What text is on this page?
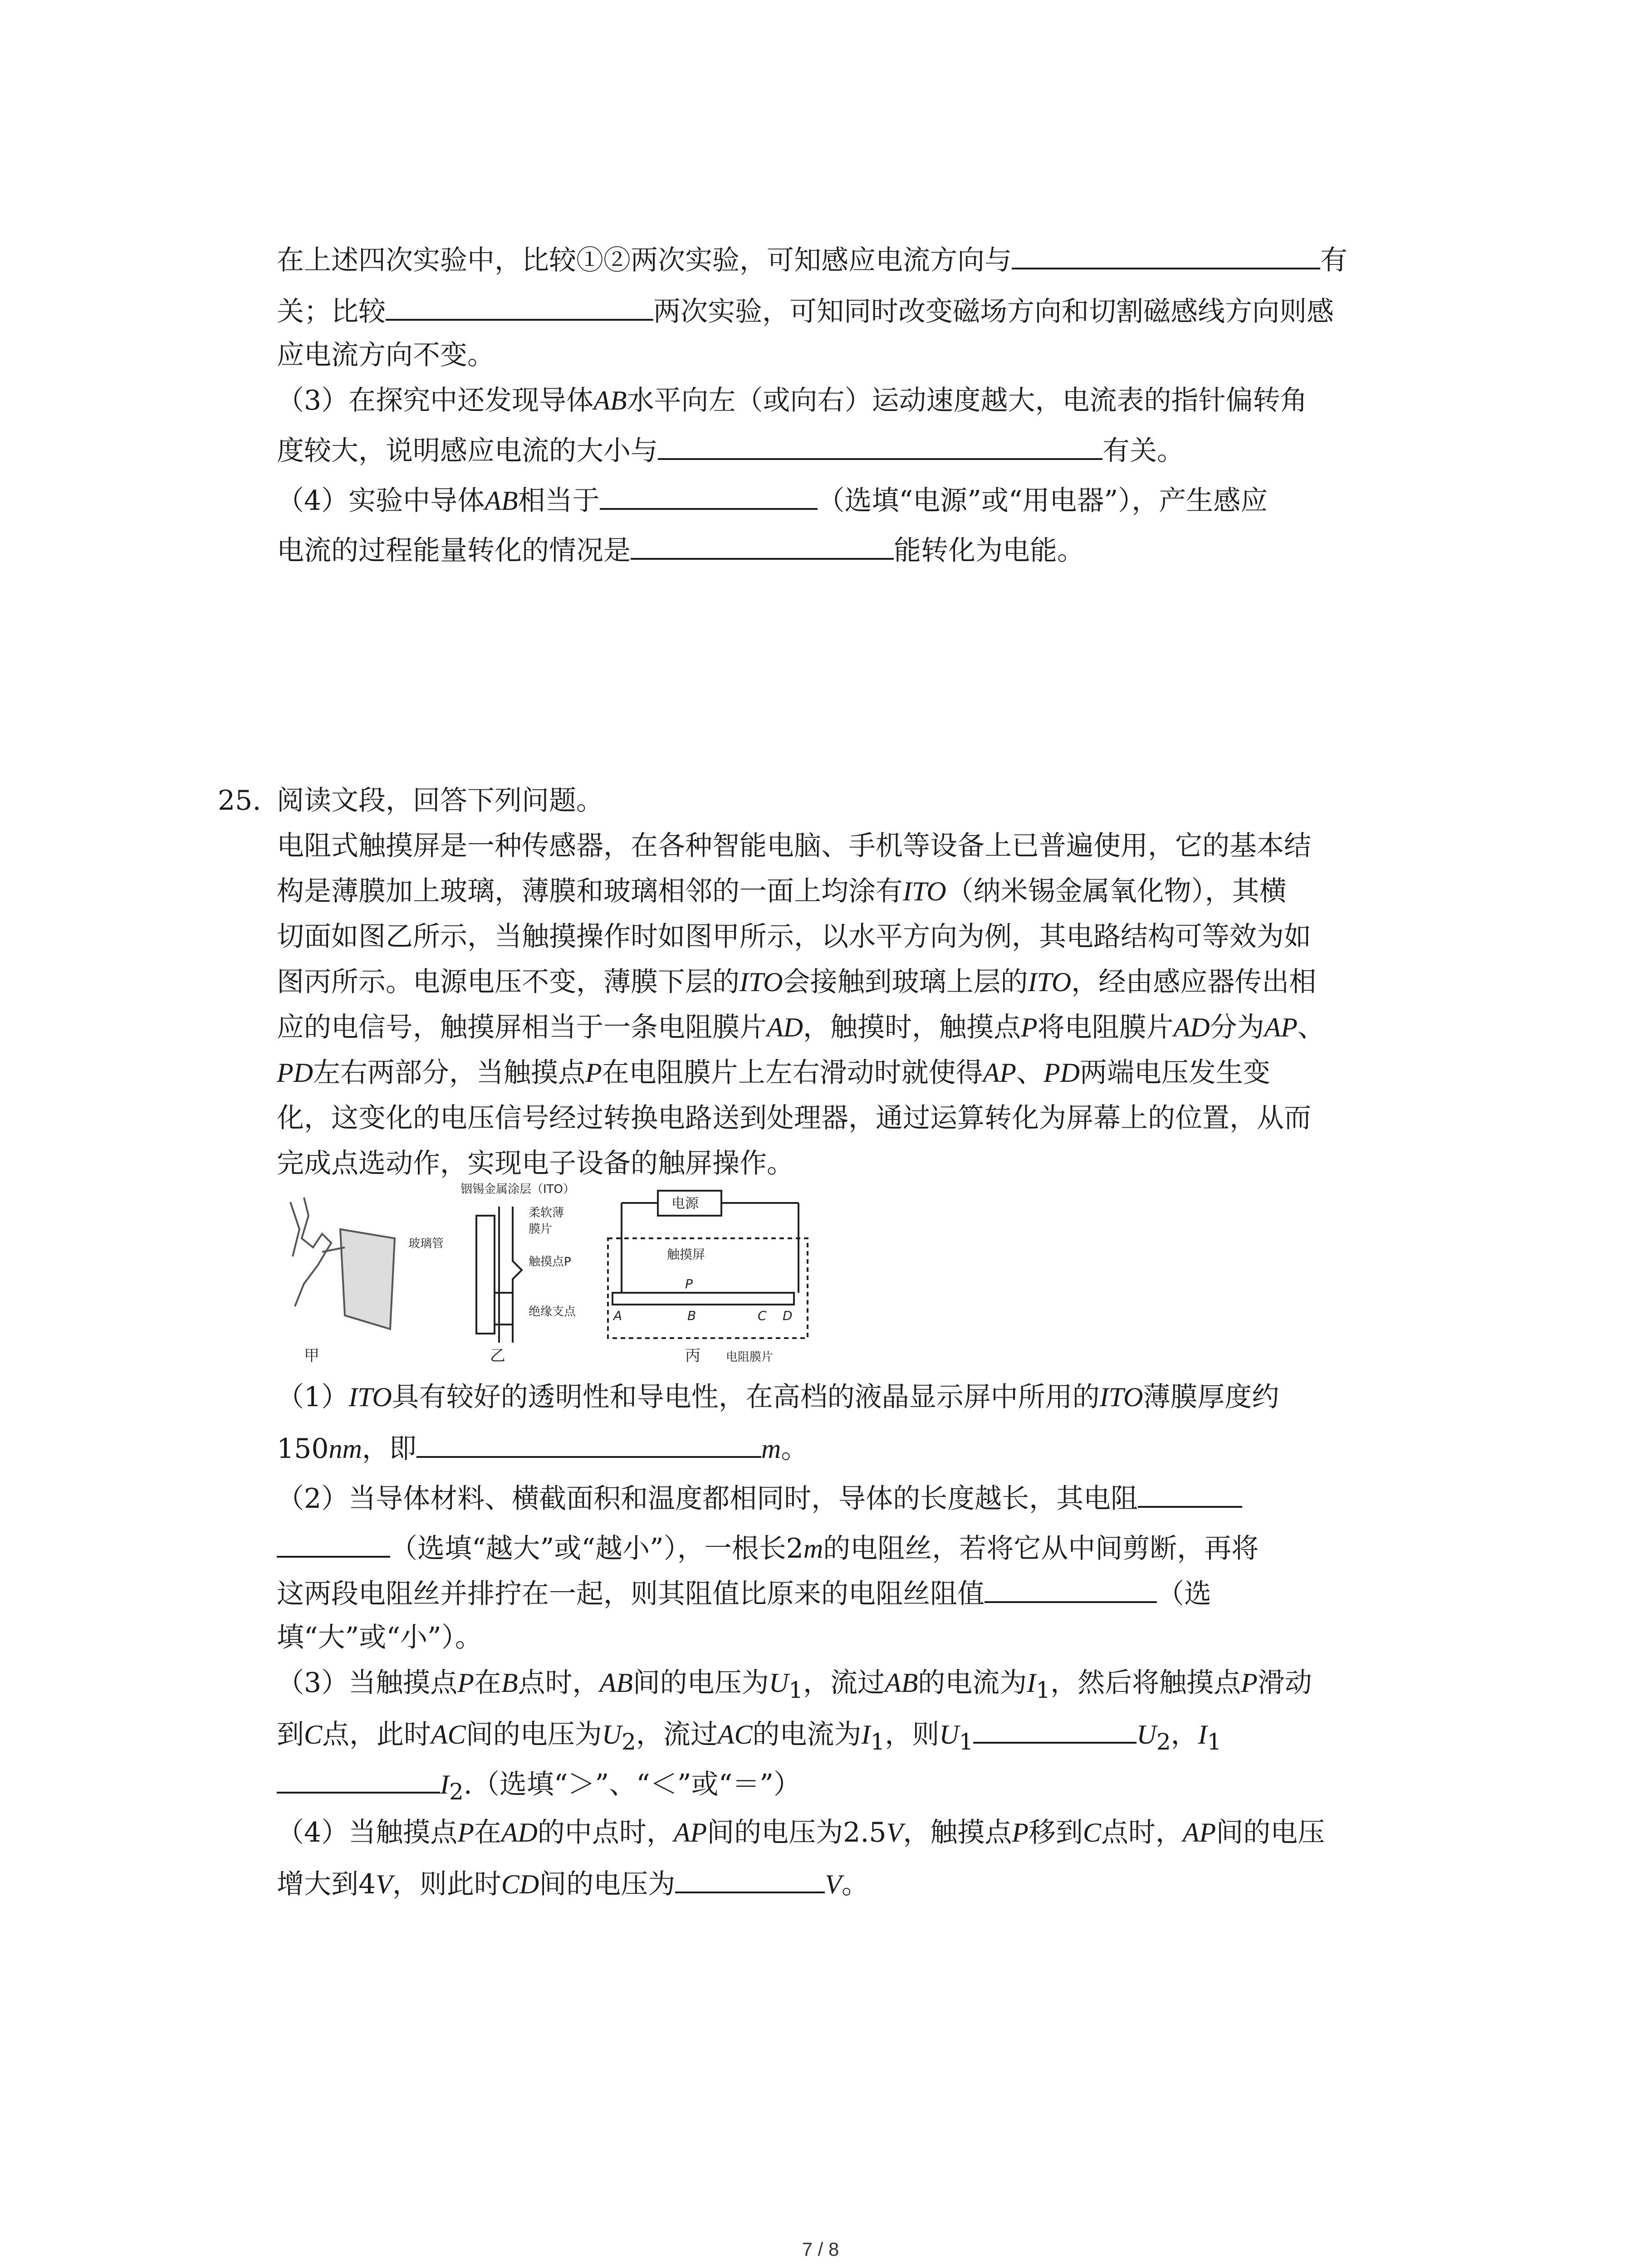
在上述四次实验中，比较①②两次实验，可知感应电流方向与	有
关；比较	两次实验，可知同时改变磁场方向和切割磁感线方向则感
应电流方向不变。
（3）在探究中还发现导体AB水平向左（或向右）运动速度越大，电流表的指针偏转角
度较大，说明感应电流的大小与	有关。
（4）实验中导体AB相当于	（选填“电源”或“用电器”），产生感应
电流的过程能量转化的情况是	能转化为电能。
25. 阅读文段，回答下列问题。
电阻式触摸屏是一种传感器，在各种智能电脑、手机等设备上已普遍使用，它的基本结
构是薄膜加上玻璃，薄膜和玻璃相邻的一面上均涂有ITO（纳米锡金属氧化物），其横
切面如图乙所示，当触摸操作时如图甲所示，以水平方向为例，其电路结构可等效为如
图丙所示。电源电压不变，薄膜下层的ITO会接触到玻璃上层的ITO，经由感应器传出相
应的电信号，触摸屏相当于一条电阻膜片AD，触摸时，触摸点P将电阻膜片AD分为AP、
PD左右两部分，当触摸点P在电阻膜片上左右滑动时就使得AP、PD两端电压发生变
化，这变化的电压信号经过转换电路送到处理器，通过运算转化为屏幕上的位置，从而
完成点选动作，实现电子设备的触屏操作。
甲
铟锡金属涂层（ITO）
柔软薄
膜片
玻璃管
触摸点P
绝缘支点
乙
电源
触摸屏
P
A	B	C D
丙 电阻膜片
（1）ITO具有较好的透明性和导电性，在高档的液晶显示屏中所用的ITO薄膜厚度约
150nm，即	m。
（2）当导体材料、横截面积和温度都相同时，导体的长度越长，其电阻
（选填“越大”或“越小”），一根长2m的电阻丝，若将它从中间剪断，再将
这两段电阻丝并排拧在一起，则其阻值比原来的电阻丝阻值	（选
填“大”或“小”）。
（3）当触摸点P在B点时，AB间的电压为$U_1$，流过AB的电流为$I_1$，然后将触摸点P滑动
到C点，此时AC间的电压为$U_2$，流过AC的电流为$I_1$，则$U_1$	$U_2$，$I_1$
$I_2$.（选填“＞”、“＜”或“＝”）
（4）当触摸点P在AD的中点时，AP间的电压为2.5V，触摸点P移到C点时，AP间的电压
增大到4V，则此时CD间的电压为	V。
7 / 8
